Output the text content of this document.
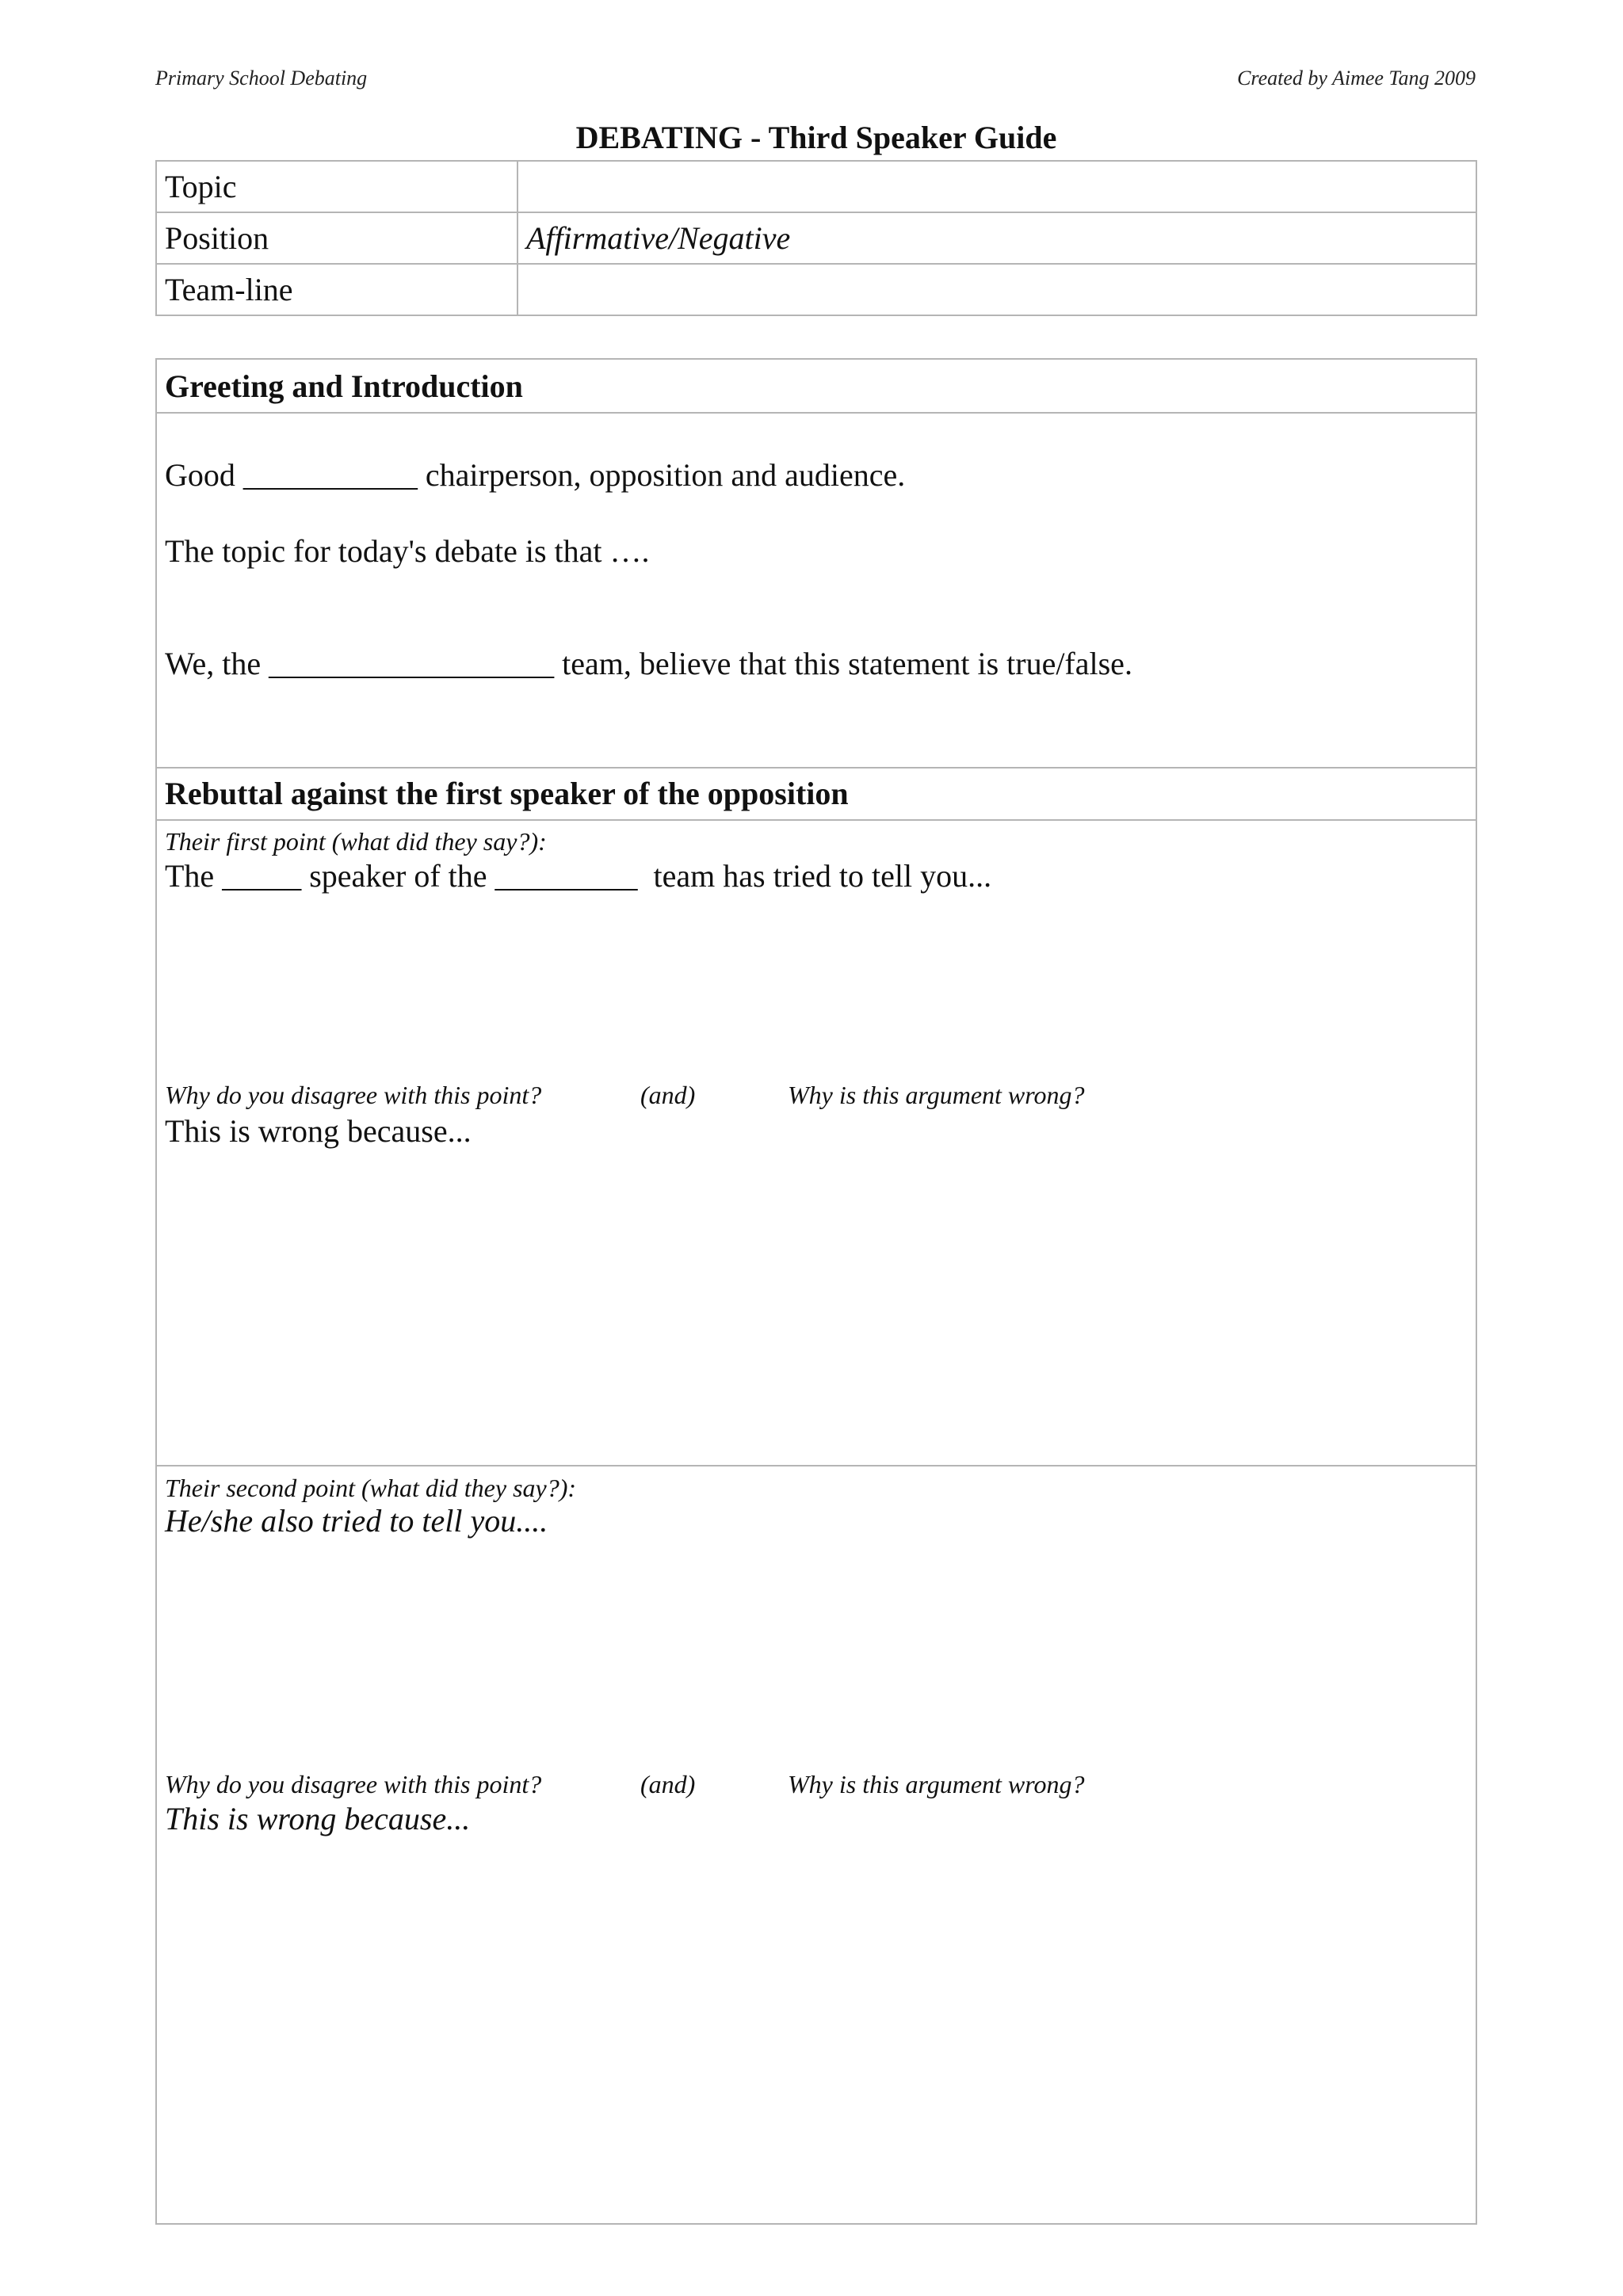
Primary School Debating	Created by Aimee Tang 2009
DEBATING - Third Speaker Guide
Topic	
Position	Affirmative/Negative
Team-line	
Greeting and Introduction
Good ___________ chairperson, opposition and audience.
The topic for today's debate is that ….
We, the __________________ team, believe that this statement is true/false.
Rebuttal against the first speaker of the opposition
Their first point (what did they say?):
The _____ speaker of the _________  team has tried to tell you...
Why do you disagree with this point?	(and)	Why is this argument wrong?
This is wrong because...
Their second point (what did they say?):
He/she also tried to tell you....
Why do you disagree with this point?	(and)	Why is this argument wrong?
This is wrong because...
